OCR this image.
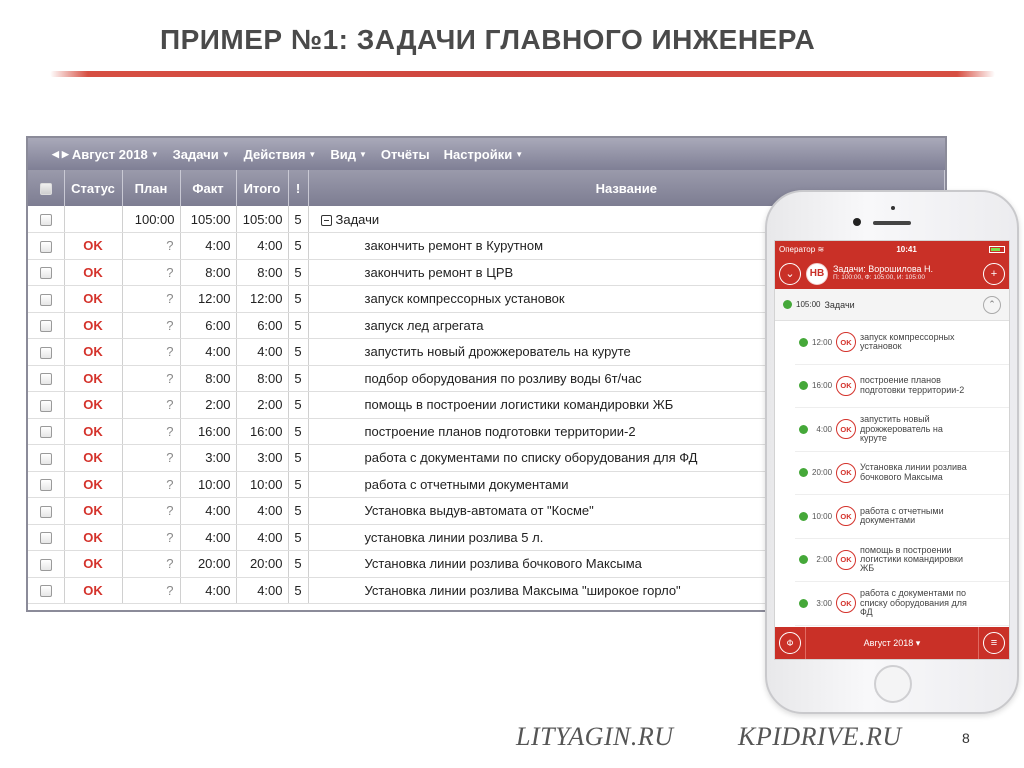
ПРИМЕР №1: ЗАДАЧИ ГЛАВНОГО ИНЖЕНЕРА
◀ ▶ Август 2018 ▼ Задачи ▼ Действия ▼ Вид ▼ Отчёты Настройки ▼
	Статус	План	Факт	Итого	!	Название
		100:00	105:00	105:00	5	Задачи
	OK	?	4:00	4:00	5	закончить ремонт в Курутном
	OK	?	8:00	8:00	5	закончить ремонт в ЦРВ
	OK	?	12:00	12:00	5	запуск компрессорных установок
	OK	?	6:00	6:00	5	запуск лед агрегата
	OK	?	4:00	4:00	5	запустить новый дрожжерователь на куруте
	OK	?	8:00	8:00	5	подбор оборудования по розливу воды 6т/час
	OK	?	2:00	2:00	5	помощь в построении логистики командировки ЖБ
	OK	?	16:00	16:00	5	построение планов подготовки территории-2
	OK	?	3:00	3:00	5	работа с документами по списку оборудования для ФД
	OK	?	10:00	10:00	5	работа с отчетными документами
	OK	?	4:00	4:00	5	Установка выдув-автомата от "Косме"
	OK	?	4:00	4:00	5	установка линии розлива 5 л.
	OK	?	20:00	20:00	5	Установка линии розлива бочкового Максыма
	OK	?	4:00	4:00	5	Установка линии розлива Максыма "широкое горло"
Оператор ≋	10:41
⌄	НВ Задачи: Ворошилова Н.
П: 100:00, Ф: 105:00, И: 105:00	+
105:00 Задачи	⌃
12:00	OK
запуск компрессорных установок
16:00	OK
построение планов подготовки территории-2
4:00	OK
запустить новый дрожжерователь на куруте
20:00	OK
Установка линии розлива бочкового Максыма
10:00	OK
работа с отчетными документами
2:00	OK
помощь в построении логистики командировки ЖБ
3:00	OK
работа с документами по списку оборудования для ФД
Ф	Август 2018 ▾	≡
LITYAGIN.RU KPIDRIVE.RU	8
